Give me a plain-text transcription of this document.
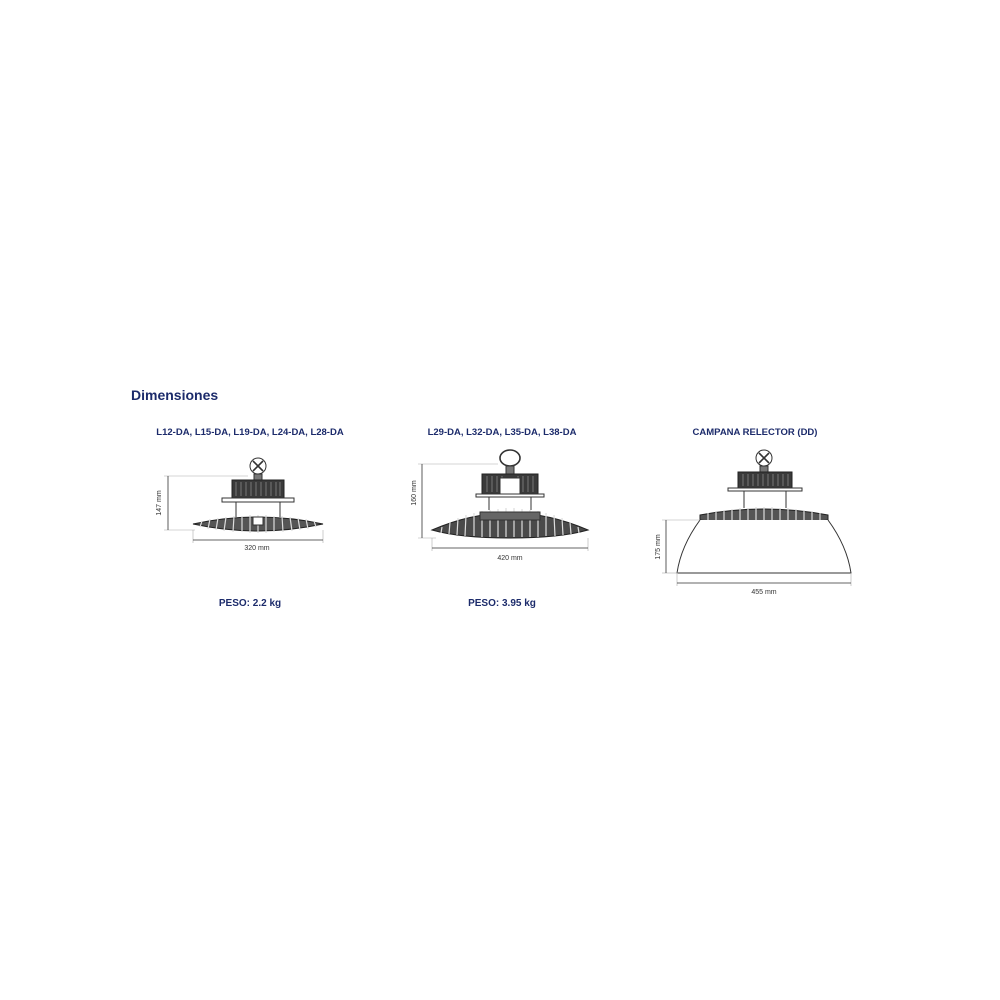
Dimensiones

L12-DA, L15-DA, L19-DA, L24-DA, L28-DA	L29-DA, L32-DA, L35-DA, L38-DA	CAMPANA RELECTOR (DD)

147 mm
320 mm
160 mm
420 mm	175 mm
455 mm

PESO: 2.2 kg	PESO: 3.95 kg
